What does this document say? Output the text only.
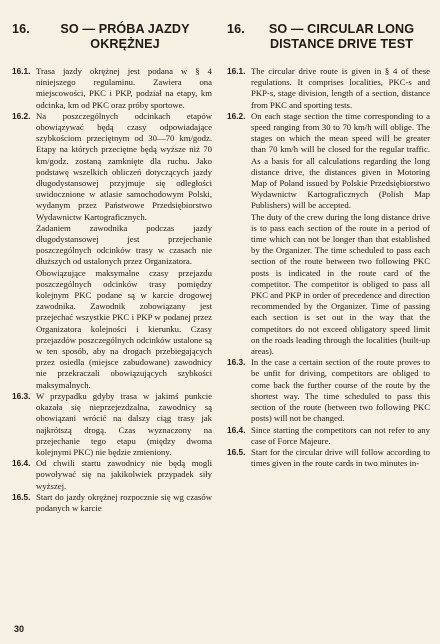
16.	SO — PRÓBA JAZDY OKRĘŻNEJ
16.1. Trasa jazdy okrężnej jest podana w § 4 niniejszego regulaminu. Zawiera ona miejscowości, PKC i PKP, podział na etapy, km odcinka, km od PKC oraz próby sportowe.
16.2. Na poszczególnych odcinkach etapów obowiązywać będą czasy odpowiadające szybkościom przeciętnym od 30—70 km/godz. Etapy na których przeciętne będą wyższe niż 70 km/godz. zostaną zamknięte dla ruchu. Jako podstawę wszelkich obliczeń dotyczących jazdy długodystansowej przyjmuje się odległości uwidocznione w atlasie samochodowym Polski, wydanym przez Państwowe Przedsiębiorstwo Wydawnictw Kartograficznych.
Zadaniem zawodnika podczas jazdy długodystansowej jest przejechanie poszczególnych odcinków trasy w czasach nie dłuższych od ustalonych przez Organizatora.
Obowiązujące maksymalne czasy przejazdu poszczególnych odcinków trasy pomiędzy kolejnym PKC podane są w karcie drogowej zawodnika. Zawodnik zobowiązany jest przejechać wszystkie PKC i PKP w podanej przez Organizatora kolejności i kierunku. Czasy przejazdów poszczególnych odcinków ustalone są w ten sposób, aby na drogach przebiegających przez osiedla (miejsce zabudowane) zawodnicy nie przekraczali obowiązujących szybkości maksymalnych.
16.3. W przypadku gdyby trasa w jakimś punkcie okazała się nieprzejezdzalna, zawodnicy są obowiązani wrócić na dalszy ciąg trasy jak najkrótszą drogą. Czas wyznaczony na przejechanie tego etapu (między dwoma kolejnymi PKC) nie będzie zmieniony.
16.4. Od chwili startu zawodnicy nie będą mogli powoływać się na jakikolwiek przypadek siły wyższej.
16.5. Start do jazdy okrężnej rozpocznie się wg czasów podanych w karcie
16.	SO — CIRCULAR LONG DISTANCE DRIVE TEST
16.1. The circular drive route is given in § 4 of these regulations. It comprises localities, PKC-s and PKP-s, stage division, length of a section, distance from PKC and sporting tests.
16.2. On each stage section the time corresponding to a speed ranging from 30 to 70 km/h will oblige. The stages on which the mean speed will be greater than 70 km/h will be closed for the regular traffic. As a basis for all calculations regarding the long distance drive, the distances given in Motoring Map of Poland issued by Polskie Przedsiębiorstwo Wydawnictw Kartograficznych (Polish Map Publishers) will be accepted.
The duty of the crew during the long distance drive is to pass each section of the route in a period of time which can not be longer than that established by the Organizer. The time scheduled to pass each section of the route between two following PKC posts is indicated in the route card of the competitor. The competitor is obliged to pass all PKC and PKP in order of precedence and direction recommended by the Organizer. Time of passing each section is set out in the way that the competitors do not exceed obligatory speed limit on the roads leading through the localities (built-up areas).
16.3. In the case a certain section of the route proves to be unfit for driving, competitors are obliged to come back the further course of the route by the shortest way. The time scheduled to pass this section of the route (between two following PKC posts) will not be changed.
16.4. Since starting the competitors can not refer to any case of Force Majeure.
16.5. Start for the circular drive will follow according to times given in the route cards in two minutes in-
30
